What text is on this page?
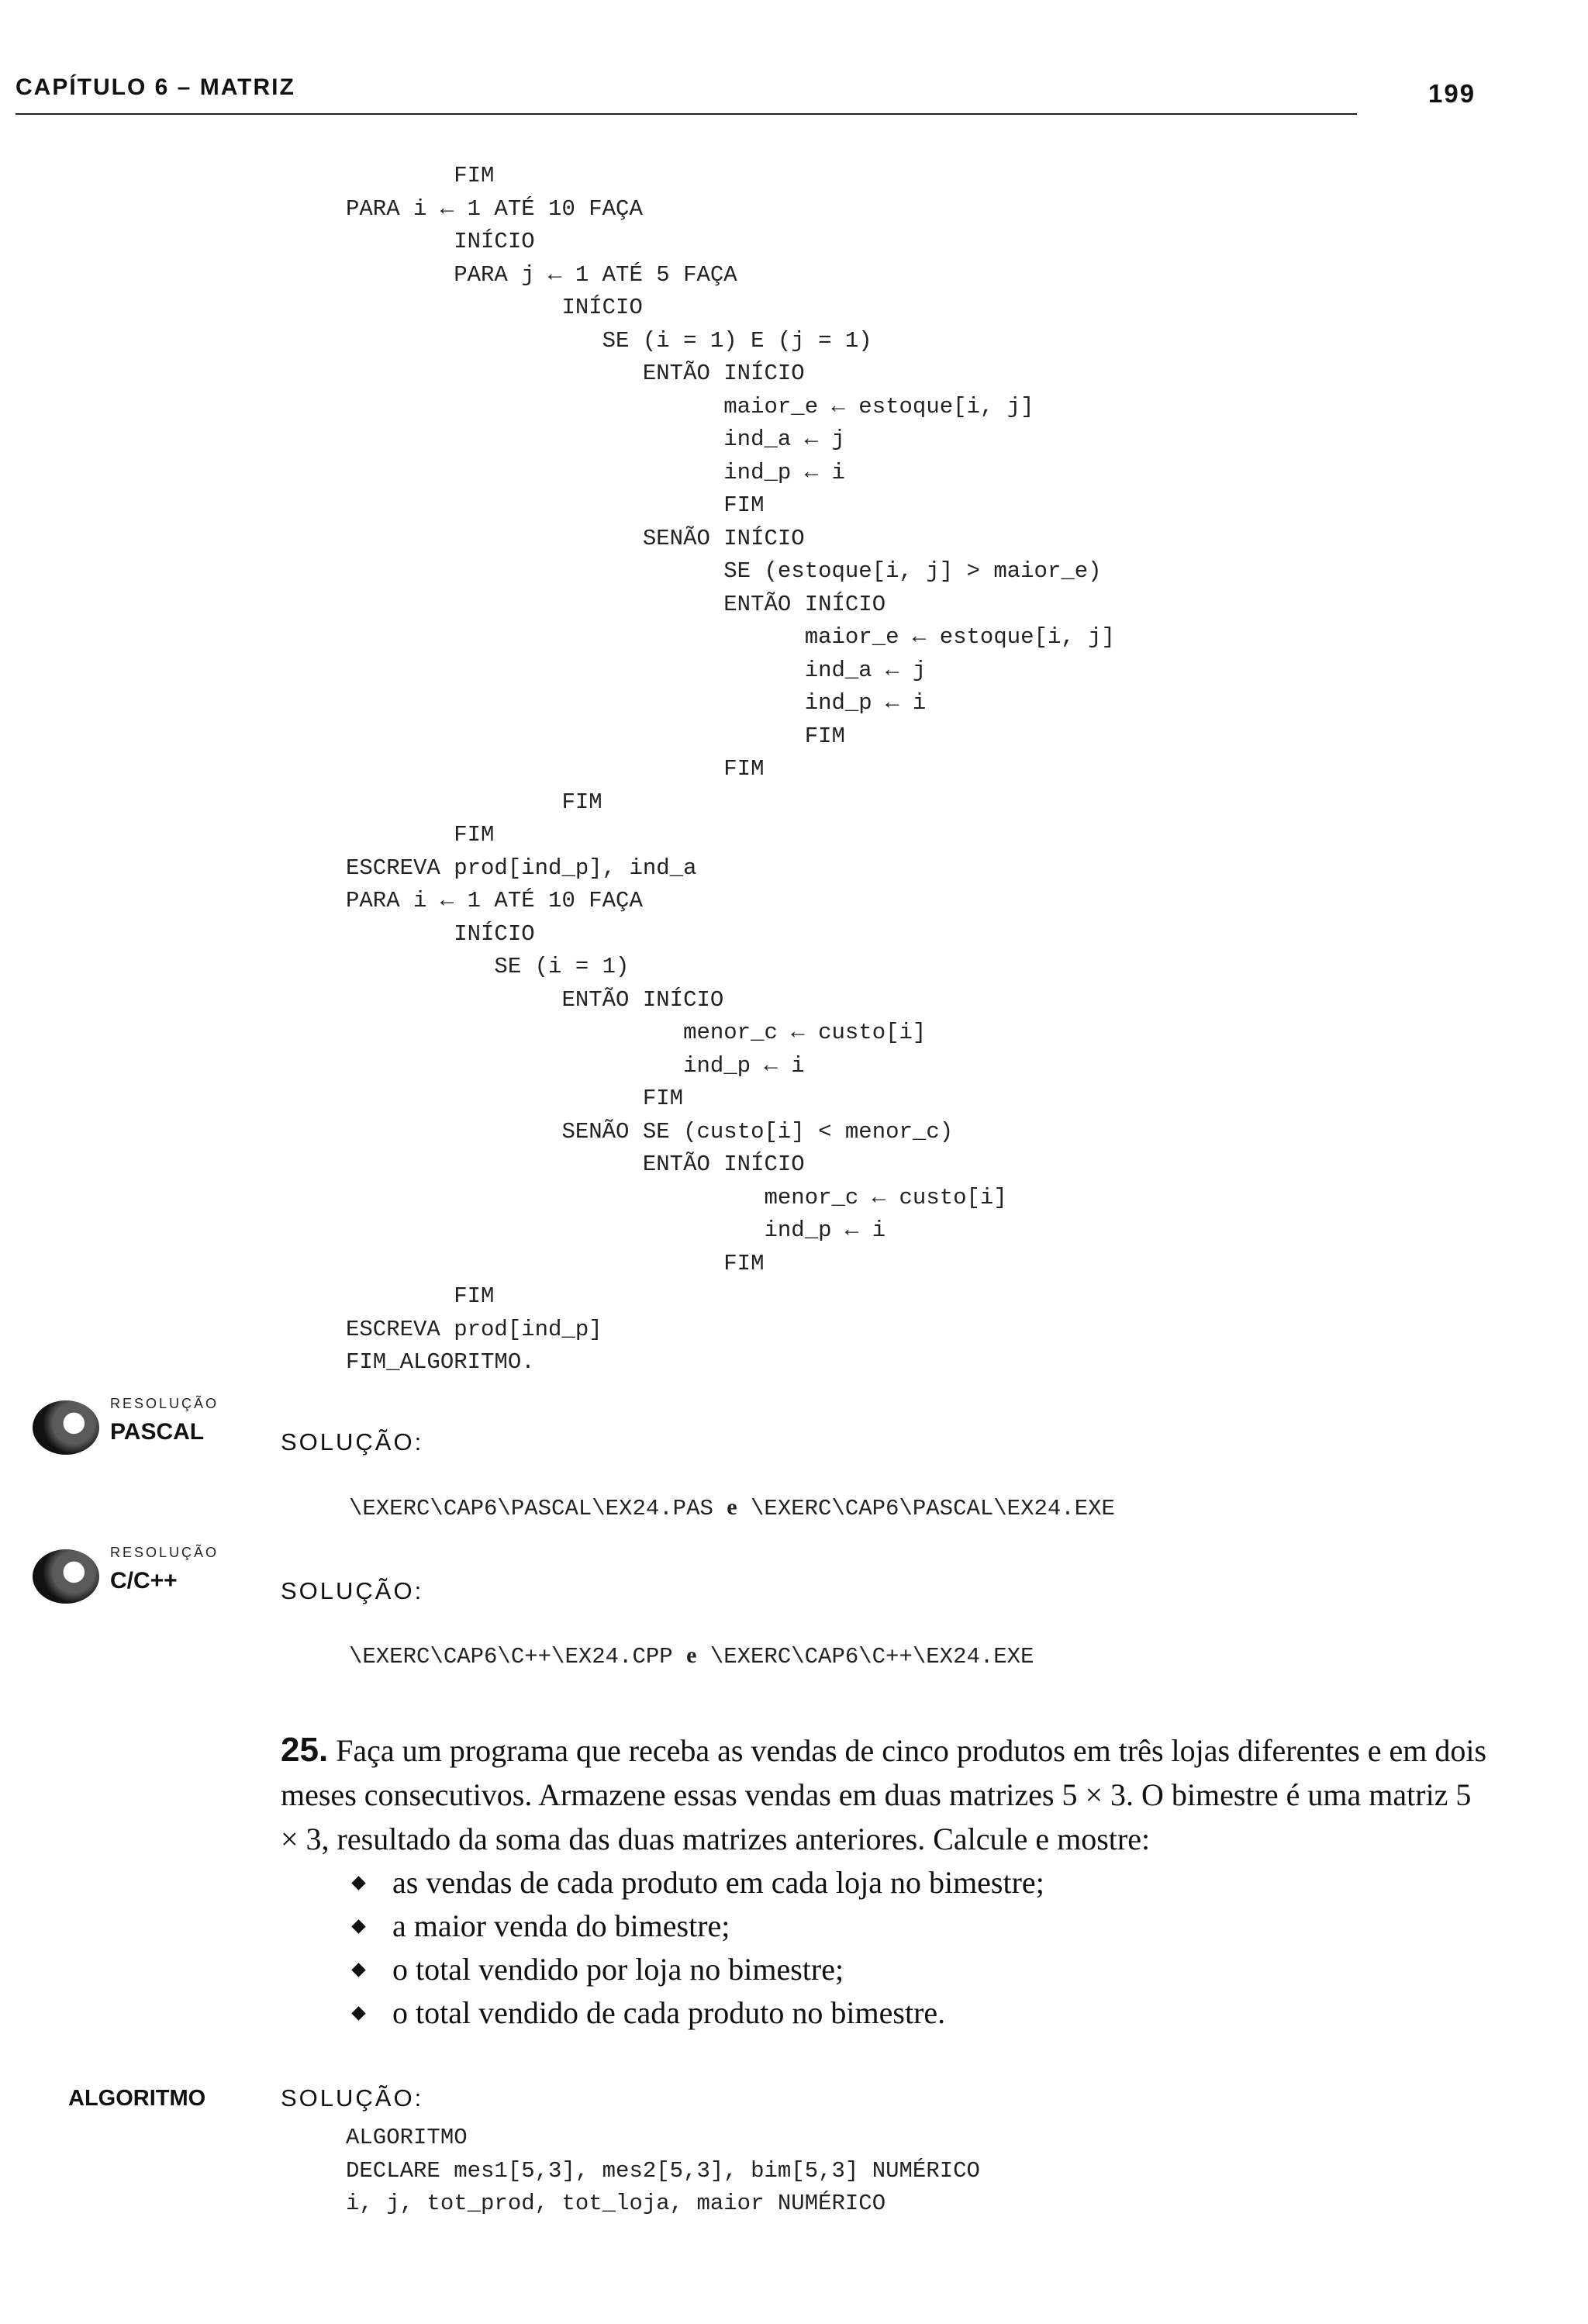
CAPÍTULO 6 – MATRIZ	199
FIM
PARA i ← 1 ATÉ 10 FAÇA
INÍCIO
PARA j ← 1 ATÉ 5 FAÇA
INÍCIO
SE (i = 1) E (j = 1)
ENTÃO INÍCIO
maior_e ← estoque[i, j]
ind_a ← j
ind_p ← i
FIM
SENÃO INÍCIO
SE (estoque[i, j] > maior_e)
ENTÃO INÍCIO
maior_e ← estoque[i, j]
ind_a ← j
ind_p ← i
FIM
FIM
FIM
FIM
ESCREVA prod[ind_p], ind_a
PARA i ← 1 ATÉ 10 FAÇA
INÍCIO
SE (i = 1)
ENTÃO INÍCIO
menor_c ← custo[i]
ind_p ← i
FIM
SENÃO SE (custo[i] < menor_c)
ENTÃO INÍCIO
menor_c ← custo[i]
ind_p ← i
FIM
FIM
ESCREVA prod[ind_p]
FIM_ALGORITMO.
RESOLUÇÃO
PASCAL	SOLUÇÃO:
\EXERC\CAP6\PASCAL\EX24.PAS e \EXERC\CAP6\PASCAL\EX24.EXE
RESOLUÇÃO
C/C++	SOLUÇÃO:
\EXERC\CAP6\C++\EX24.CPP e \EXERC\CAP6\C++\EX24.EXE
25. Faça um programa que receba as vendas de cinco produtos em três lojas diferentes e em dois meses consecutivos. Armazene essas vendas em duas matrizes 5 × 3. O bimestre é uma matriz 5 × 3, resultado da soma das duas matrizes anteriores. Calcule e mostre:
as vendas de cada produto em cada loja no bimestre;
a maior venda do bimestre;
o total vendido por loja no bimestre;
o total vendido de cada produto no bimestre.
ALGORITMO	SOLUÇÃO:
ALGORITMO
DECLARE mes1[5,3], mes2[5,3], bim[5,3] NUMÉRICO
i, j, tot_prod, tot_loja, maior NUMÉRICO
